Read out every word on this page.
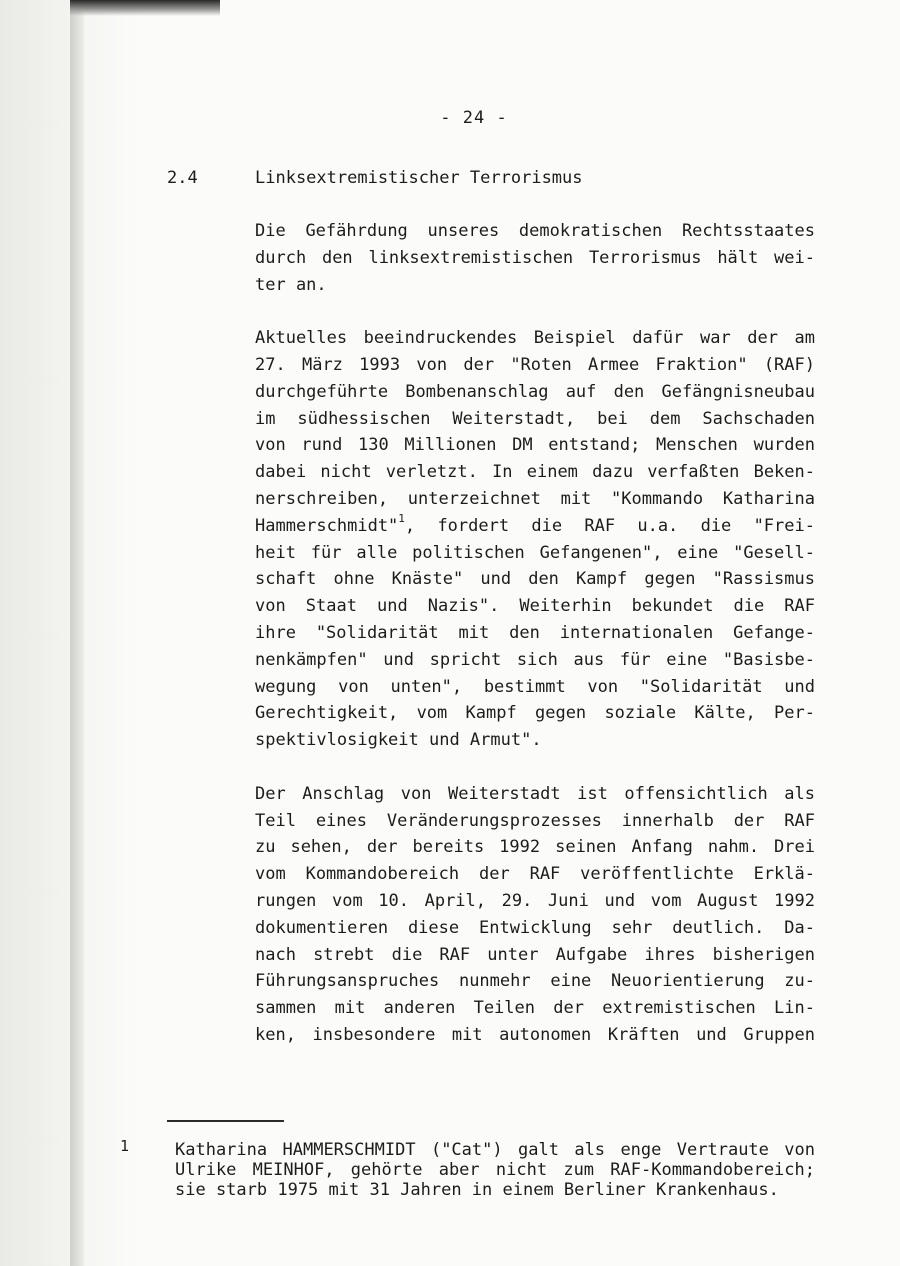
- 24 -
2.4	Linksextremistischer Terrorismus

Die Gefährdung unseres demokratischen Rechtsstaates
durch den linksextremistischen Terrorismus hält wei-
ter an.

Aktuelles beeindruckendes Beispiel dafür war der am
27. März 1993 von der "Roten Armee Fraktion" (RAF)
durchgeführte Bombenanschlag auf den Gefängnisneubau
im südhessischen Weiterstadt, bei dem Sachschaden
von rund 130 Millionen DM entstand; Menschen wurden
dabei nicht verletzt. In einem dazu verfaßten Beken-
nerschreiben, unterzeichnet mit "Kommando Katharina
Hammerschmidt"$^1$, fordert die RAF u.a. die "Frei-
heit für alle politischen Gefangenen", eine "Gesell-
schaft ohne Knäste" und den Kampf gegen "Rassismus
von Staat und Nazis". Weiterhin bekundet die RAF
ihre "Solidarität mit den internationalen Gefange-
nenkämpfen" und spricht sich aus für eine "Basisbe-
wegung von unten", bestimmt von "Solidarität und
Gerechtigkeit, vom Kampf gegen soziale Kälte, Per-
spektivlosigkeit und Armut".

Der Anschlag von Weiterstadt ist offensichtlich als
Teil eines Veränderungsprozesses innerhalb der RAF
zu sehen, der bereits 1992 seinen Anfang nahm. Drei
vom Kommandobereich der RAF veröffentlichte Erklä-
rungen vom 10. April, 29. Juni und vom August 1992
dokumentieren diese Entwicklung sehr deutlich. Da-
nach strebt die RAF unter Aufgabe ihres bisherigen
Führungsanspruches nunmehr eine Neuorientierung zu-
sammen mit anderen Teilen der extremistischen Lin-
ken, insbesondere mit autonomen Kräften und Gruppen

1	Katharina HAMMERSCHMIDT ("Cat") galt als enge Vertraute von
Ulrike MEINHOF, gehörte aber nicht zum RAF-Kommandobereich;
sie starb 1975 mit 31 Jahren in einem Berliner Krankenhaus.
